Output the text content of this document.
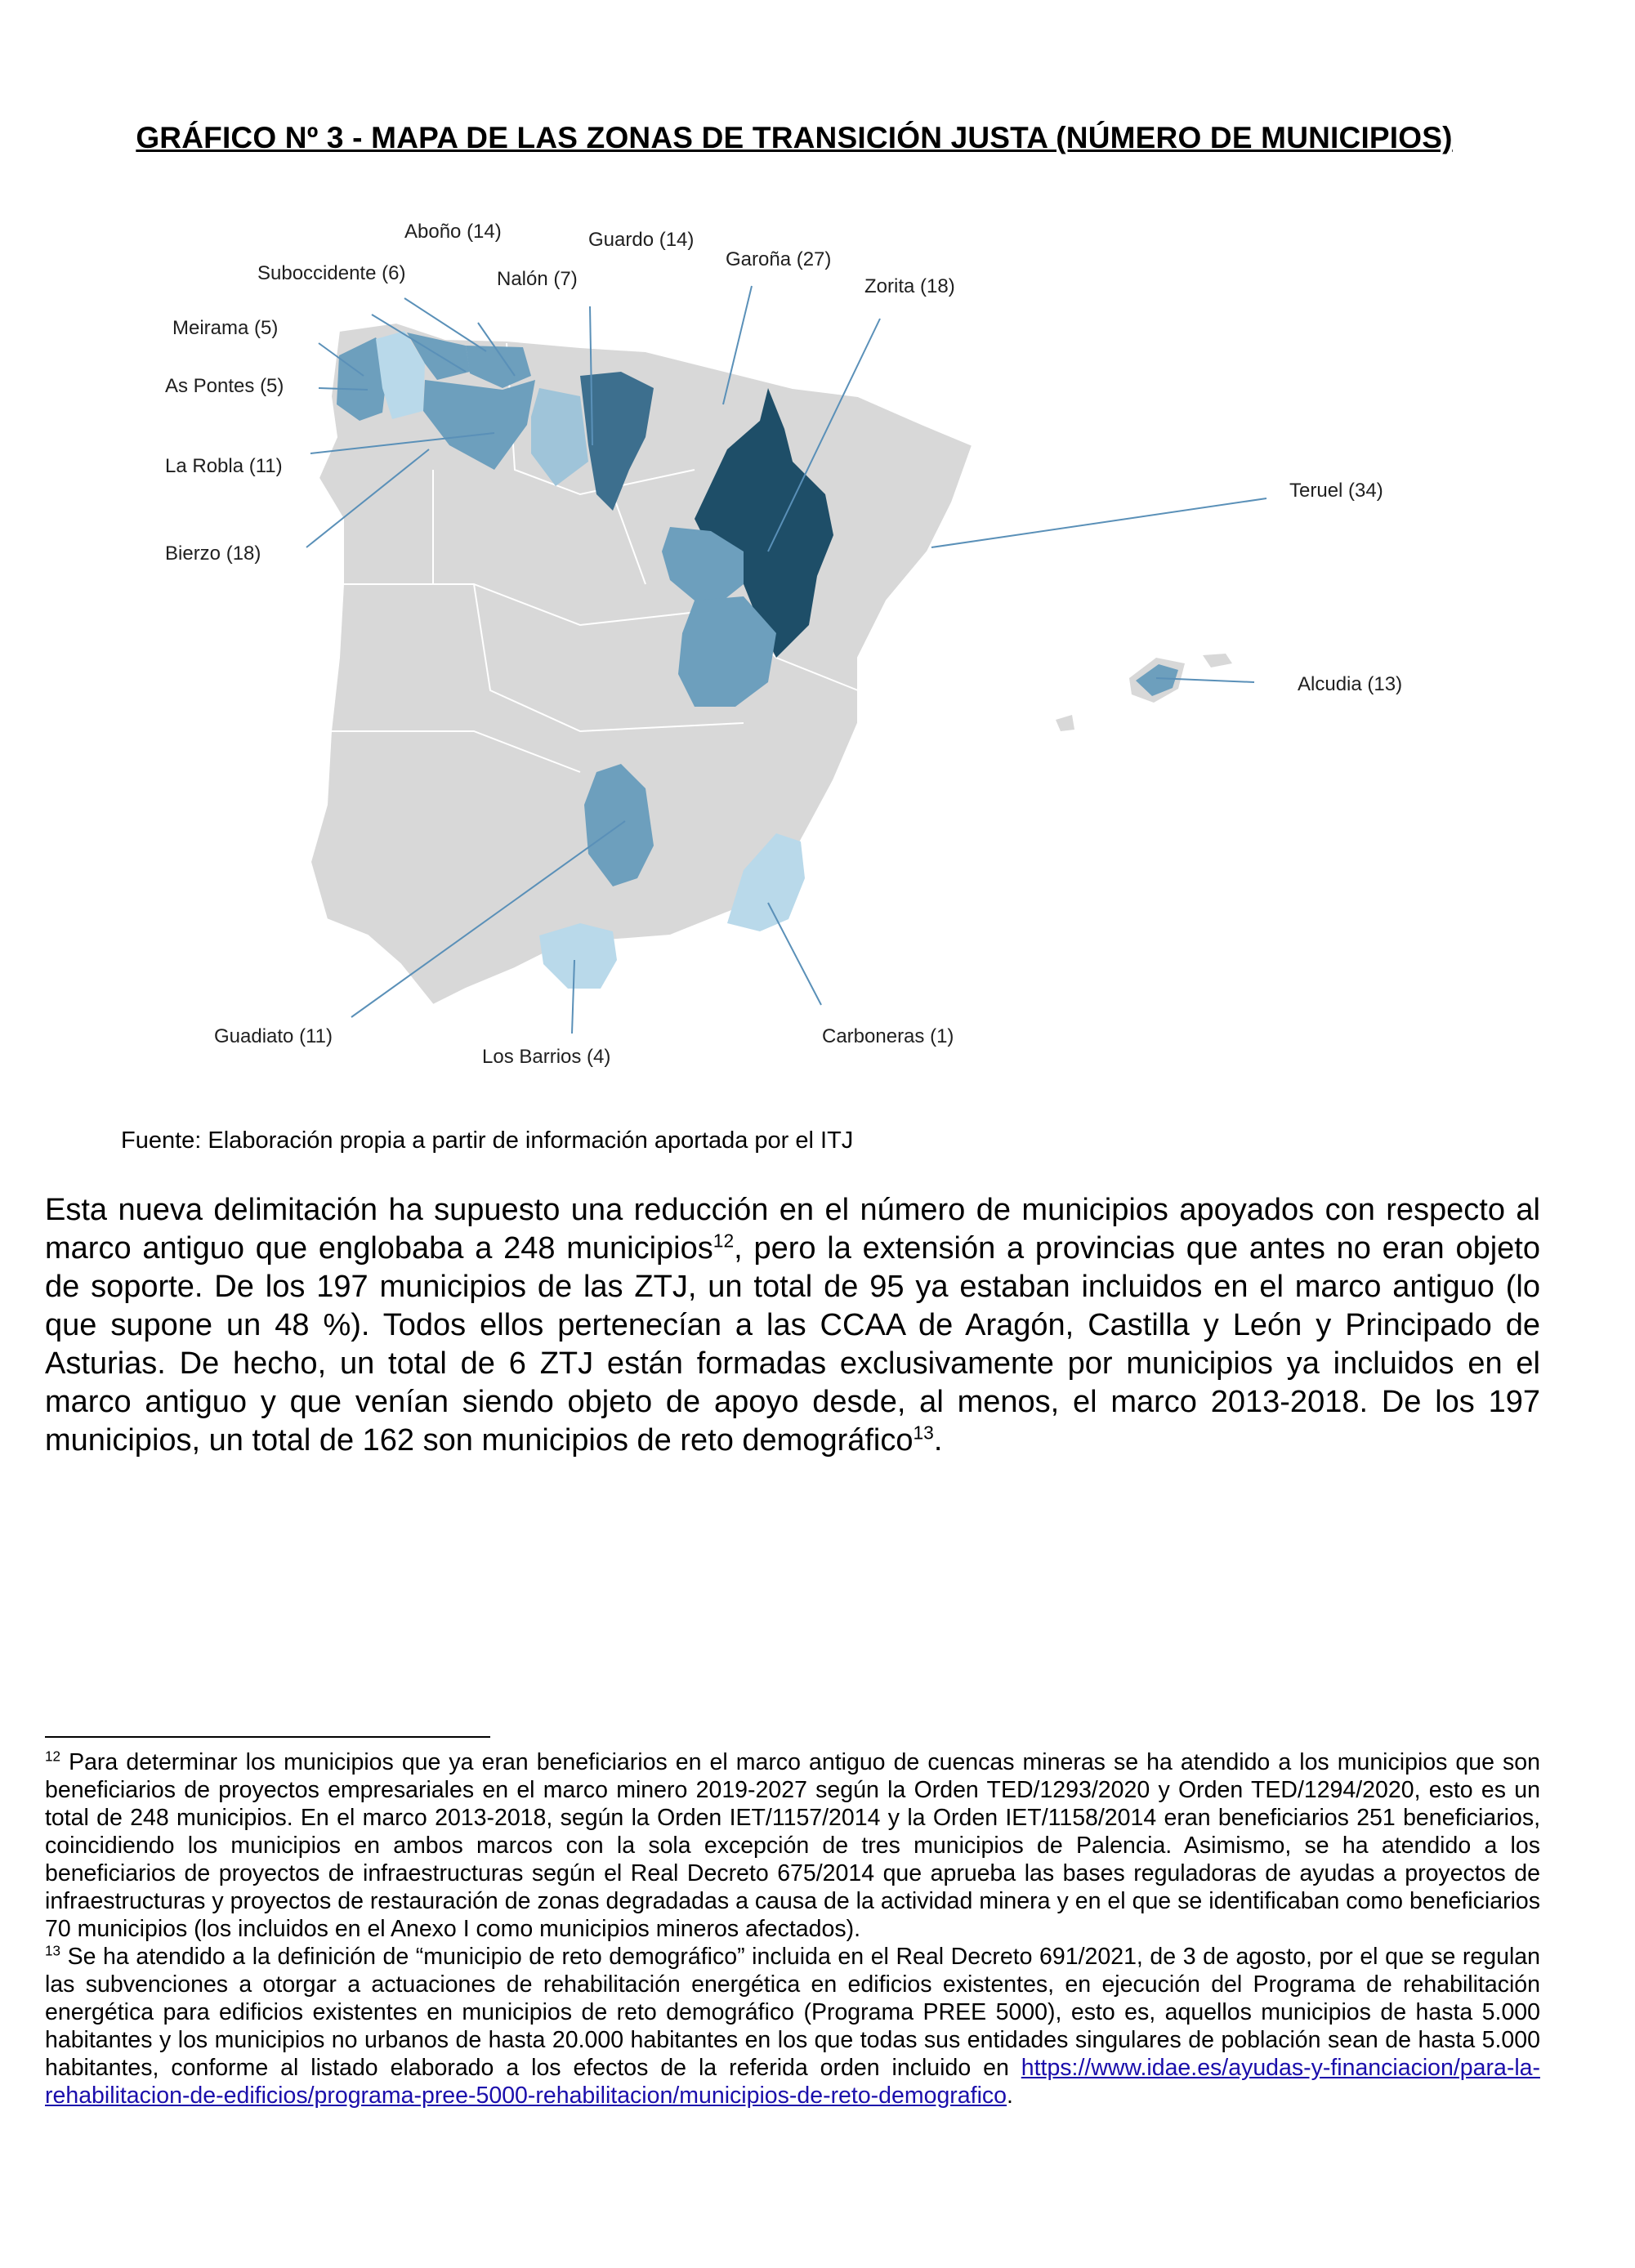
GRÁFICO Nº 3 - MAPA DE LAS ZONAS DE TRANSICIÓN JUSTA (NÚMERO DE MUNICIPIOS)
Aboño (14)	Guardo (14)
Suboccidente (6)	Nalón (7)
Garoña (27)
Zorita (18)
Meirama (5)
As Pontes (5)
La Robla (11)
Bierzo (18)
Teruel (34)
Alcudia (13)
Guadiato (11)
Los Barrios (4)
Carboneras (1)
Fuente: Elaboración propia a partir de información aportada por el ITJ

Esta nueva delimitación ha supuesto una reducción en el número de municipios apoyados con respecto al marco antiguo que englobaba a 248 municipios$^{12}$, pero la extensión a provincias que antes no eran objeto de soporte. De los 197 municipios de las ZTJ, un total de 95 ya estaban incluidos en el marco antiguo (lo que supone un 48 %). Todos ellos pertenecían a las CCAA de Aragón, Castilla y León y Principado de Asturias. De hecho, un total de 6 ZTJ están formadas exclusivamente por municipios ya incluidos en el marco antiguo y que venían siendo objeto de apoyo desde, al menos, el marco 2013-2018. De los 197 municipios, un total de 162 son municipios de reto demográfico$^{13}$.

$^{12}$ Para determinar los municipios que ya eran beneficiarios en el marco antiguo de cuencas mineras se ha atendido a los municipios que son beneficiarios de proyectos empresariales en el marco minero 2019-2027 según la Orden TED/1293/2020 y Orden TED/1294/2020, esto es un total de 248 municipios. En el marco 2013-2018, según la Orden IET/1157/2014 y la Orden IET/1158/2014 eran beneficiarios 251 beneficiarios, coincidiendo los municipios en ambos marcos con la sola excepción de tres municipios de Palencia. Asimismo, se ha atendido a los beneficiarios de proyectos de infraestructuras según el Real Decreto 675/2014 que aprueba las bases reguladoras de ayudas a proyectos de infraestructuras y proyectos de restauración de zonas degradadas a causa de la actividad minera y en el que se identificaban como beneficiarios 70 municipios (los incluidos en el Anexo I como municipios mineros afectados).

$^{13}$ Se ha atendido a la definición de “municipio de reto demográfico” incluida en el Real Decreto 691/2021, de 3 de agosto, por el que se regulan las subvenciones a otorgar a actuaciones de rehabilitación energética en edificios existentes, en ejecución del Programa de rehabilitación energética para edificios existentes en municipios de reto demográfico (Programa PREE 5000), esto es, aquellos municipios de hasta 5.000 habitantes y los municipios no urbanos de hasta 20.000 habitantes en los que todas sus entidades singulares de población sean de hasta 5.000 habitantes, conforme al listado elaborado a los efectos de la referida orden incluido en https://www.idae.es/ayudas-y-financiacion/para-la-rehabilitacion-de-edificios/programa-pree-5000-rehabilitacion/municipios-de-reto-demografico.
